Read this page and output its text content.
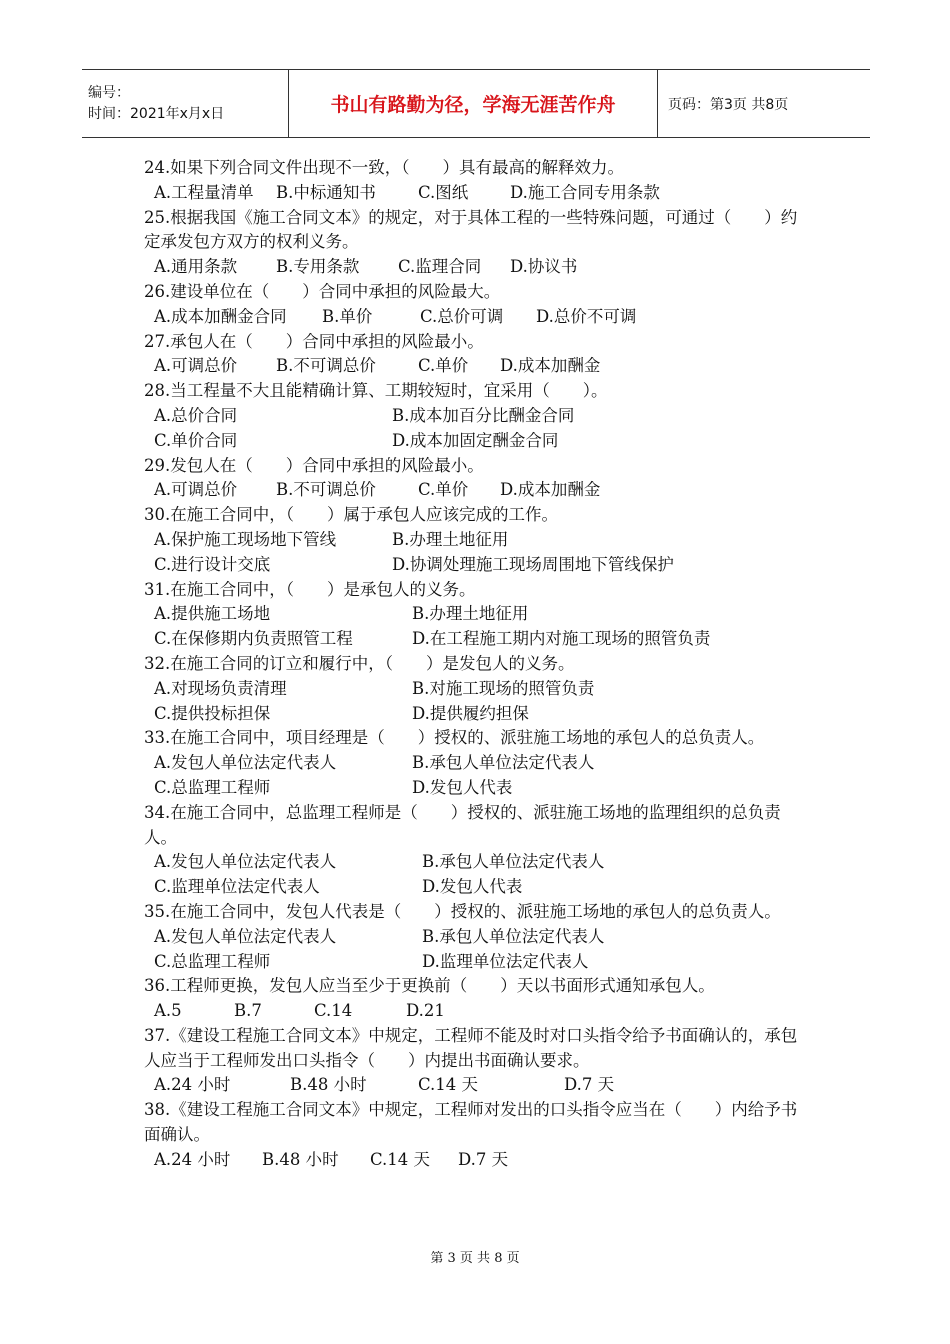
编号：
时间：2021年x月x日	书山有路勤为径，学海无涯苦作舟	页码：第3页 共8页

24.如果下列合同文件出现不一致，（　　）具有最高的解释效力。

A.工程量清单	B.中标通知书	C.图纸	D.施工合同专用条款

25.根据我国《施工合同文本》的规定，对于具体工程的一些特殊问题，可通过（　　）约定承发包方双方的权利义务。

A.通用条款	B.专用条款	C.监理合同	D.协议书

26.建设单位在（　　）合同中承担的风险最大。

A.成本加酬金合同	B.单价	C.总价可调	D.总价不可调

27.承包人在（　　）合同中承担的风险最小。

A.可调总价	B.不可调总价	C.单价	D.成本加酬金

28.当工程量不大且能精确计算、工期较短时，宜采用（　　）。

A.总价合同	B.成本加百分比酬金合同
C.单价合同	D.成本加固定酬金合同

29.发包人在（　　）合同中承担的风险最小。

A.可调总价	B.不可调总价	C.单价	D.成本加酬金

30.在施工合同中，（　　）属于承包人应该完成的工作。

A.保护施工现场地下管线	B.办理土地征用
C.进行设计交底	D.协调处理施工现场周围地下管线保护

31.在施工合同中，（　　）是承包人的义务。

A.提供施工场地	B.办理土地征用
C.在保修期内负责照管工程	D.在工程施工期内对施工现场的照管负责

32.在施工合同的订立和履行中，（　　）是发包人的义务。

A.对现场负责清理	B.对施工现场的照管负责
C.提供投标担保	D.提供履约担保

33.在施工合同中，项目经理是（　　）授权的、派驻施工场地的承包人的总负责人。

A.发包人单位法定代表人	B.承包人单位法定代表人
C.总监理工程师	D.发包人代表

34.在施工合同中，总监理工程师是（　　）授权的、派驻施工场地的监理组织的总负责人。

A.发包人单位法定代表人	B.承包人单位法定代表人
C.监理单位法定代表人	D.发包人代表

35.在施工合同中，发包人代表是（　　）授权的、派驻施工场地的承包人的总负责人。

A.发包人单位法定代表人	B.承包人单位法定代表人
C.总监理工程师	D.监理单位法定代表人

36.工程师更换，发包人应当至少于更换前（　　）天以书面形式通知承包人。

A.5	B.7	C.14	D.21

37.《建设工程施工合同文本》中规定，工程师不能及时对口头指令给予书面确认的，承包人应当于工程师发出口头指令（　　）内提出书面确认要求。

A.24 小时	B.48 小时	C.14 天	D.7 天

38.《建设工程施工合同文本》中规定，工程师对发出的口头指令应当在（　　）内给予书面确认。

A.24 小时	B.48 小时	C.14 天	D.7 天
第 3 页 共 8 页
